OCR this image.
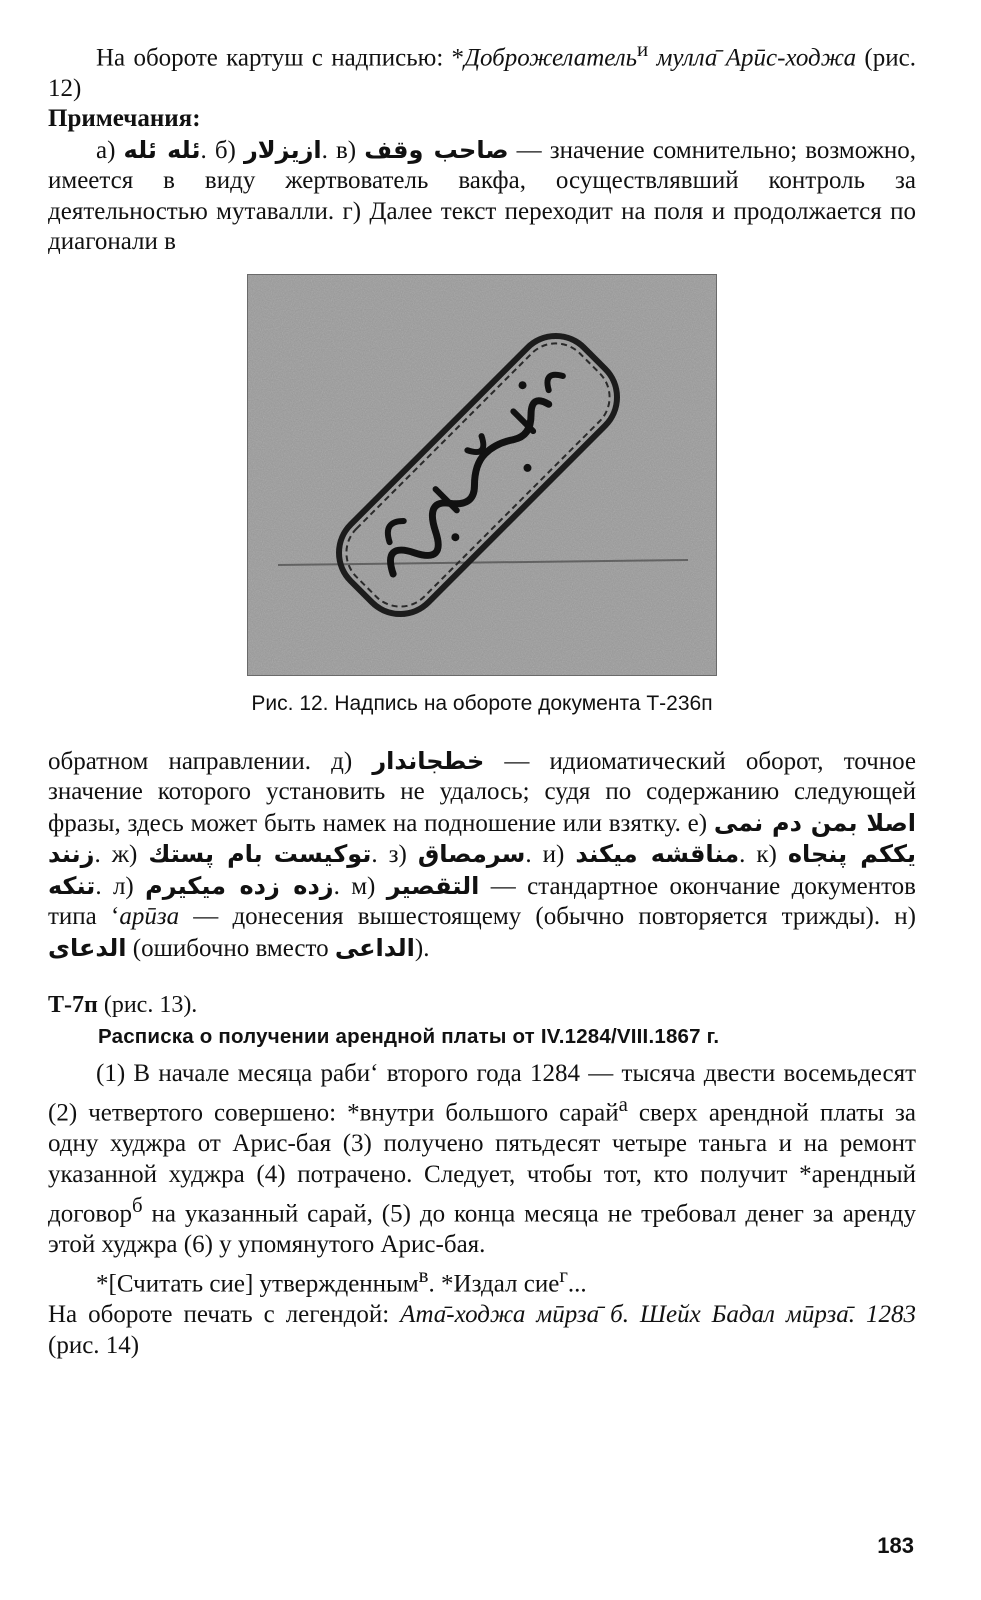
На обороте картуш с надписью: *Доброжелатель$^и$ мулла̄ Арӣс-ходжа (рис. 12)

Примечания:

а) ئله ئله. б) ازيزلار. в) صاحب وقف — значение сомнительно; возможно, имеется в виду жертвователь вакфа, осуществлявший контроль за деятельностью мутавалли. г) Далее текст переходит на поля и продолжается по диагонали в

Рис. 12. Надпись на обороте документа Т-236п

обратном направлении. д) خطجاندار — идиоматический оборот, точное значение которого установить не удалось; судя по содержанию следующей фразы, здесь может быть намек на подношение или взятку. е) اصلا بمن دم نمی زنند. ж) بام پستك توكيست. з) سرمصاق. и) مناقشه ميكند. к) يككم پنجاه تنكه. л) زده زده ميكيرم. м) التقصير — стандартное окончание документов типа ‘арӣза — донесения вышестоящему (обычно повторяется трижды). н) الدعاى (ошибочно вместо الداعى).

Т-7п (рис. 13).

Расписка о получении арендной платы от IV.1284/VIII.1867 г.

(1) В начале месяца раби‘ второго года 1284 — тысяча двести восемьдесят (2) четвертого совершено: *внутри большого сарай$^а$ сверх арендной платы за одну худжра от Арис-бая (3) получено пятьдесят четыре таньга и на ремонт указанной худжра (4) потрачено. Следует, чтобы тот, кто получит *арендный договор$^б$ на указанный сарай, (5) до конца месяца не требовал денег за аренду этой худжра (6) у упомянутого Арис-бая.

*[Считать сие] утвержденным$^в$. *Издал сие$^г$...

На обороте печать с легендой: Ата̄-ходжа мӣрза̄ б. Шейх Бадал мӣрза̄. 1283 (рис. 14)

183
